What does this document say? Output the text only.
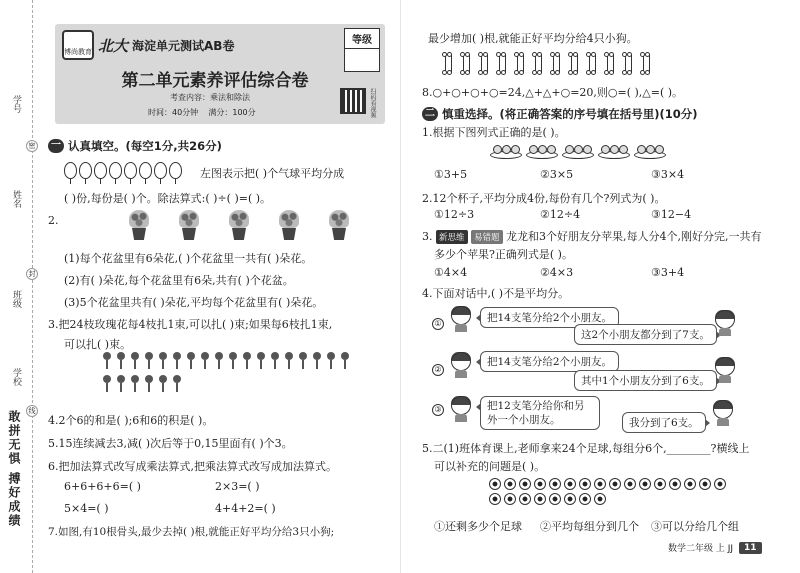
学号
姓名
班级
学校
密
封
线
敢拼无惧 搏好成绩
博尚教育 北大 海淀单元测试AB卷	等级
第二单元素养评估综合卷
考查内容：乘法和除法
时间：40分钟 满分：100分	扫码看视频
一 认真填空。(每空1分,共26分)
左图表示把( )个气球平均分成
( )份,每份是( )个。除法算式:( )÷( )=( )。
2.
(1)每个花盆里有6朵花,( )个花盆里一共有( )朵花。
(2)有( )朵花,每个花盆里有6朵,共有( )个花盆。
(3)5个花盆里共有( )朵花,平均每个花盆里有( )朵花。
3.把24枝玫瑰花每4枝扎1束,可以扎( )束;如果每6枝扎1束,
可以扎( )束。
4.2个6的和是( );6和6的积是( )。
5.15连续减去3,减( )次后等于0,15里面有( )个3。
6.把加法算式改写成乘法算式,把乘法算式改写成加法算式。
6+6+6+6=( )	2×3=( )
5×4=( )	4+4+2=( )
7.如图,有10根骨头,最少去掉( )根,就能正好平均分给3只小狗;
最少增加( )根,就能正好平均分给4只小狗。
8.○+○+○+○=24,△+△+○=20,则○=( ),△=( )。
二 慎重选择。(将正确答案的序号填在括号里)(10分)
1.根据下图列式正确的是( )。
①3+5	②3×5	③3×4
2.12个杯子,平均分成4份,每份有几个?列式为( )。
①12÷3	②12÷4	③12−4
3. 新思维 易错题 龙龙和3个好朋友分苹果,每人分4个,刚好分完,一共有
多少个苹果?正确列式是( )。
①4×4	②4×3	③3+4
4.下面对话中,( )不是平均分。
①	把14支笔分给2个小朋友。
这2个小朋友都分到了7支。
②
把14支笔分给2个小朋友。
其中1个小朋友分到了6支。
③	把12支笔分给你和另外一个小朋友。	我分到了6支。
5.二(1)班体育课上,老师拿来24个足球,每组分6个,________?横线上
可以补充的问题是( )。
①还剩多少个足球 ②平均每组分到几个 ③可以分给几个组
数学二年级 上 JJ	11
